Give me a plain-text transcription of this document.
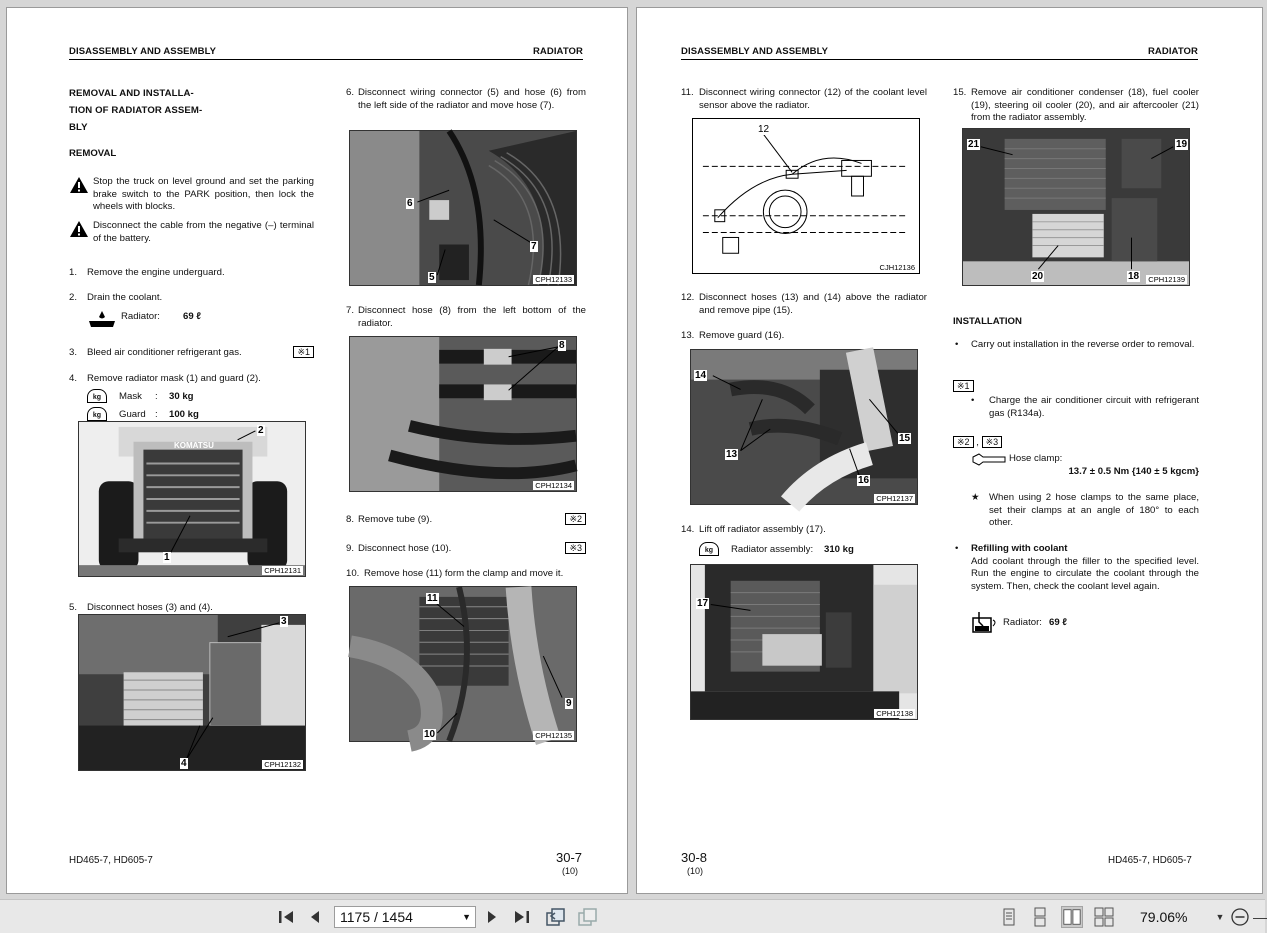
DISASSEMBLY AND ASSEMBLY	RADIATOR
REMOVAL AND INSTALLA-
TION OF RADIATOR ASSEM-
BLY
REMOVAL
Stop the truck on level ground and set the parking brake switch to the PARK position, then lock the wheels with blocks.
Disconnect the cable from the negative (–) terminal of the battery.
1. Remove the engine underguard.
2. Drain the coolant.
Radiator: 69 ℓ
3. Bleed air conditioner refrigerant gas.	※1
4. Remove radiator mask (1) and guard (2).
kg Mask : 30 kg
kg Guard : 100 kg
5. Disconnect hoses (3) and (4).
KOMATSU
1
2
CPH12131
3
4	CPH12132
6. Disconnect wiring connector (5) and hose (6) from the left side of the radiator and move hose (7).
7. Disconnect hose (8) from the left bottom of the radiator.
8. Remove tube (9).	※2
9. Disconnect hose (10).	※3
10. Remove hose (11) form the clamp and move it.
6
7
5	CPH12133
8
CPH12134
11
9
10	CPH12135
HD465-7, HD605-7	30-7
(10)
DISASSEMBLY AND ASSEMBLY	RADIATOR
11. Disconnect wiring connector (12) of the coolant level sensor above the radiator.
12. Disconnect hoses (13) and (14) above the radiator and remove pipe (15).
13. Remove guard (16).
14. Lift off radiator assembly (17).
kg Radiator assembly: 310 kg
12
CJH12136
14
13
15
16
CPH12137
17
CPH12138
15. Remove air conditioner condenser (18), fuel cooler (19), steering oil cooler (20), and air aftercooler (21) from the radiator assembly.
INSTALLATION
• Carry out installation in the reverse order to removal.
※1
• Charge the air conditioner circuit with refrigerant gas (R134a).
※2 , ※3
Hose clamp:
13.7 ± 0.5 Nm {140 ± 5 kgcm}
★ When using 2 hose clamps to the same place, set their clamps at an angle of 180° to each other.
• Refilling with coolant
Add coolant through the filler to the specified level. Run the engine to circulate the coolant through the system. Then, check the coolant level again.
Radiator: 69 ℓ
21	19
20	18 CPH12139
30-8
(10)
HD465-7, HD605-7
1175 / 1454	▼	79.06%	▼ —
